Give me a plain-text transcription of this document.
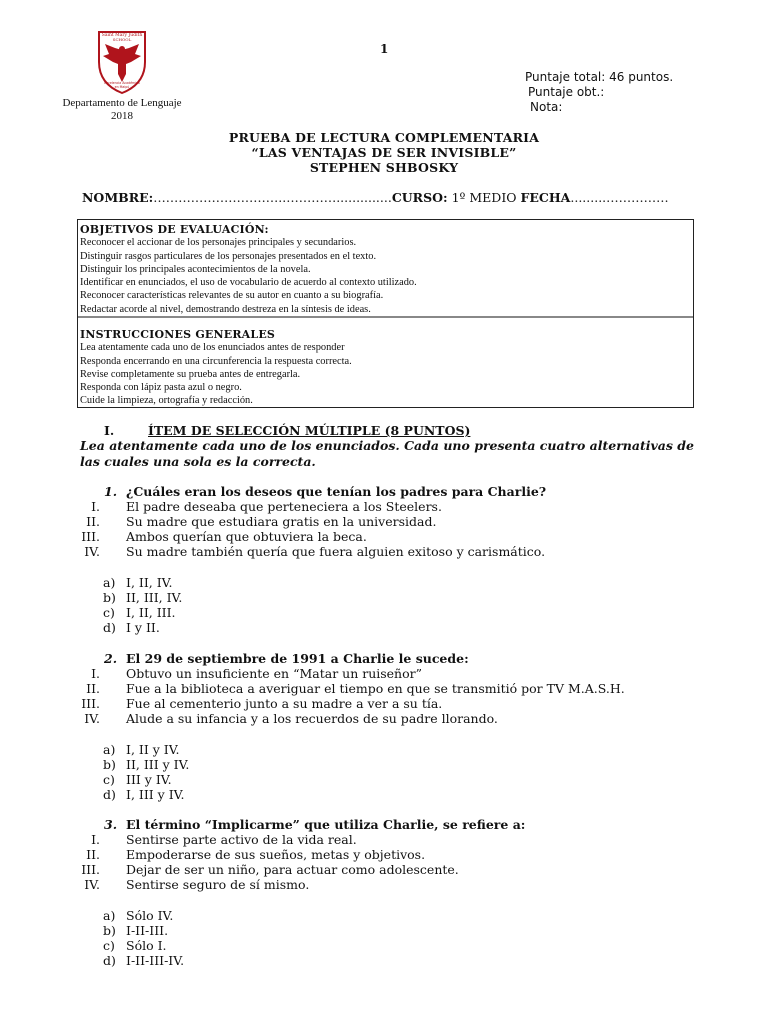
Saint Mary Judith
SCHOOL
Excelencia Académica
en Maipú
Departamento de Lenguaje
2018
1
Puntaje total: 46 puntos.
Puntaje obt.:
Nota:
PRUEBA DE LECTURA COMPLEMENTARIA
“LAS VENTAJAS DE SER INVISIBLE”
STEPHEN SHBOSKY
NOMBRE:…………………………..…………..............CURSO: 1º MEDIO FECHA.........……………
OBJETIVOS DE EVALUACIÓN:
Reconocer el accionar de los personajes principales y secundarios.
Distinguir rasgos particulares de los personajes presentados en el texto.
Distinguir los principales acontecimientos de la novela.
Identificar en enunciados, el uso de vocabulario de acuerdo al contexto utilizado.
Reconocer características relevantes de su autor en cuanto a su biografía.
Redactar acorde al nivel, demostrando destreza en la síntesis de ideas.
INSTRUCCIONES GENERALES
Lea atentamente cada uno de los enunciados antes de responder
Responda encerrando en una circunferencia la respuesta correcta.
Revise completamente su prueba antes de entregarla.
Responda con lápiz pasta azul o negro.
Cuide la limpieza, ortografía y redacción.
I.	ÍTEM DE SELECCIÓN MÚLTIPLE (8 PUNTOS)
Lea atentamente cada uno de los enunciados. Cada uno presenta cuatro alternativas de las cuales una sola es la correcta.
1. ¿Cuáles eran los deseos que tenían los padres para Charlie?
I. El padre deseaba que perteneciera a los Steelers.
II. Su madre que estudiara gratis en la universidad.
III. Ambos querían que obtuviera la beca.
IV. Su madre también quería que fuera alguien exitoso y carismático.
a) I, II, IV.
b) II, III, IV.
c) I, II, III.
d) I y II.
2. El 29 de septiembre de 1991 a Charlie le sucede:
I. Obtuvo un insuficiente en “Matar un ruiseñor”
II. Fue a la biblioteca a averiguar el tiempo en que se transmitió por TV M.A.S.H.
III. Fue al cementerio junto a su madre a ver a su tía.
IV. Alude a su infancia y a los recuerdos de su padre llorando.
a) I, II y IV.
b) II, III y IV.
c) III y IV.
d) I, III y IV.
3. El término “Implicarme” que utiliza Charlie, se refiere a:
I. Sentirse parte activo de la vida real.
II. Empoderarse de sus sueños, metas y objetivos.
III. Dejar de ser un niño, para actuar como adolescente.
IV. Sentirse seguro de sí mismo.
a) Sólo IV.
b) I-II-III.
c) Sólo I.
d) I-II-III-IV.
